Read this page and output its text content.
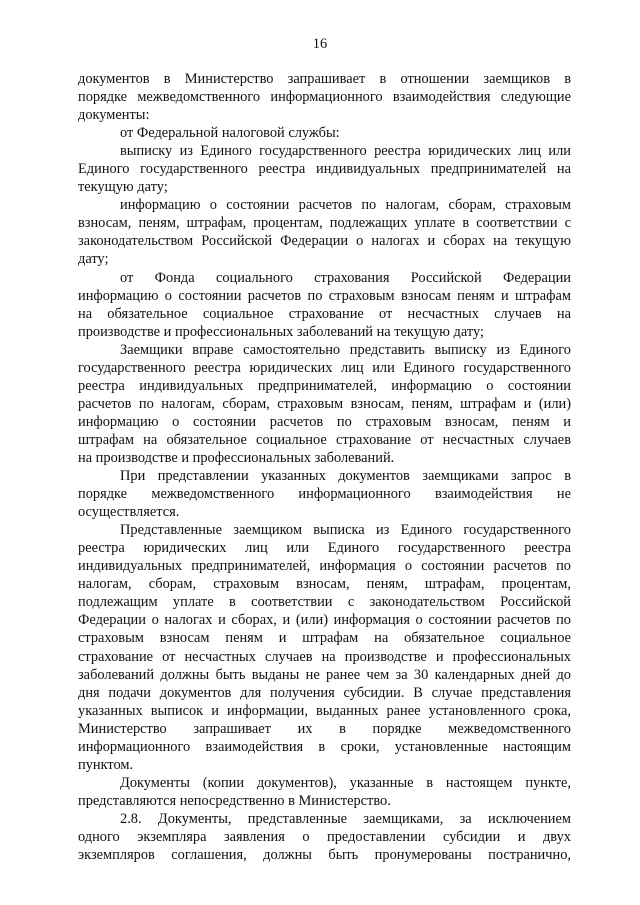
16
документов в Министерство запрашивает в отношении заемщиков в
порядке межведомственного информационного взаимодействия следующие
документы:
от Федеральной налоговой службы:
выписку из Единого государственного реестра юридических лиц или
Единого государственного реестра индивидуальных предпринимателей на
текущую дату;
информацию о состоянии расчетов по налогам, сборам, страховым
взносам, пеням, штрафам, процентам, подлежащих уплате в соответствии с
законодательством Российской Федерации о налогах и сборах на текущую
дату;
от Фонда социального страхования Российской Федерации
информацию о состоянии расчетов по страховым взносам пеням и штрафам
на обязательное социальное страхование от несчастных случаев на
производстве и профессиональных заболеваний на текущую дату;
Заемщики вправе самостоятельно представить выписку из Единого
государственного реестра юридических лиц или Единого государственного
реестра индивидуальных предпринимателей, информацию о состоянии
расчетов по налогам, сборам, страховым взносам, пеням, штрафам и (или)
информацию о состоянии расчетов по страховым взносам, пеням и
штрафам на обязательное социальное страхование от несчастных случаев
на производстве и профессиональных заболеваний.
При представлении указанных документов заемщиками запрос в
порядке межведомственного информационного взаимодействия не
осуществляется.
Представленные заемщиком выписка из Единого государственного
реестра юридических лиц или Единого государственного реестра
индивидуальных предпринимателей, информация о состоянии расчетов по
налогам, сборам, страховым взносам, пеням, штрафам, процентам,
подлежащим уплате в соответствии с законодательством Российской
Федерации о налогах и сборах, и (или) информация о состоянии расчетов по
страховым взносам пеням и штрафам на обязательное социальное
страхование от несчастных случаев на производстве и профессиональных
заболеваний должны быть выданы не ранее чем за 30 календарных дней до
дня подачи документов для получения субсидии. В случае представления
указанных выписок и информации, выданных ранее установленного срока,
Министерство запрашивает их в порядке межведомственного
информационного взаимодействия в сроки, установленные настоящим
пунктом.
Документы (копии документов), указанные в настоящем пункте,
представляются непосредственно в Министерство.
2.8. Документы, представленные заемщиками, за исключением
одного экземпляра заявления о предоставлении субсидии и двух
экземпляров соглашения, должны быть пронумерованы постранично,
